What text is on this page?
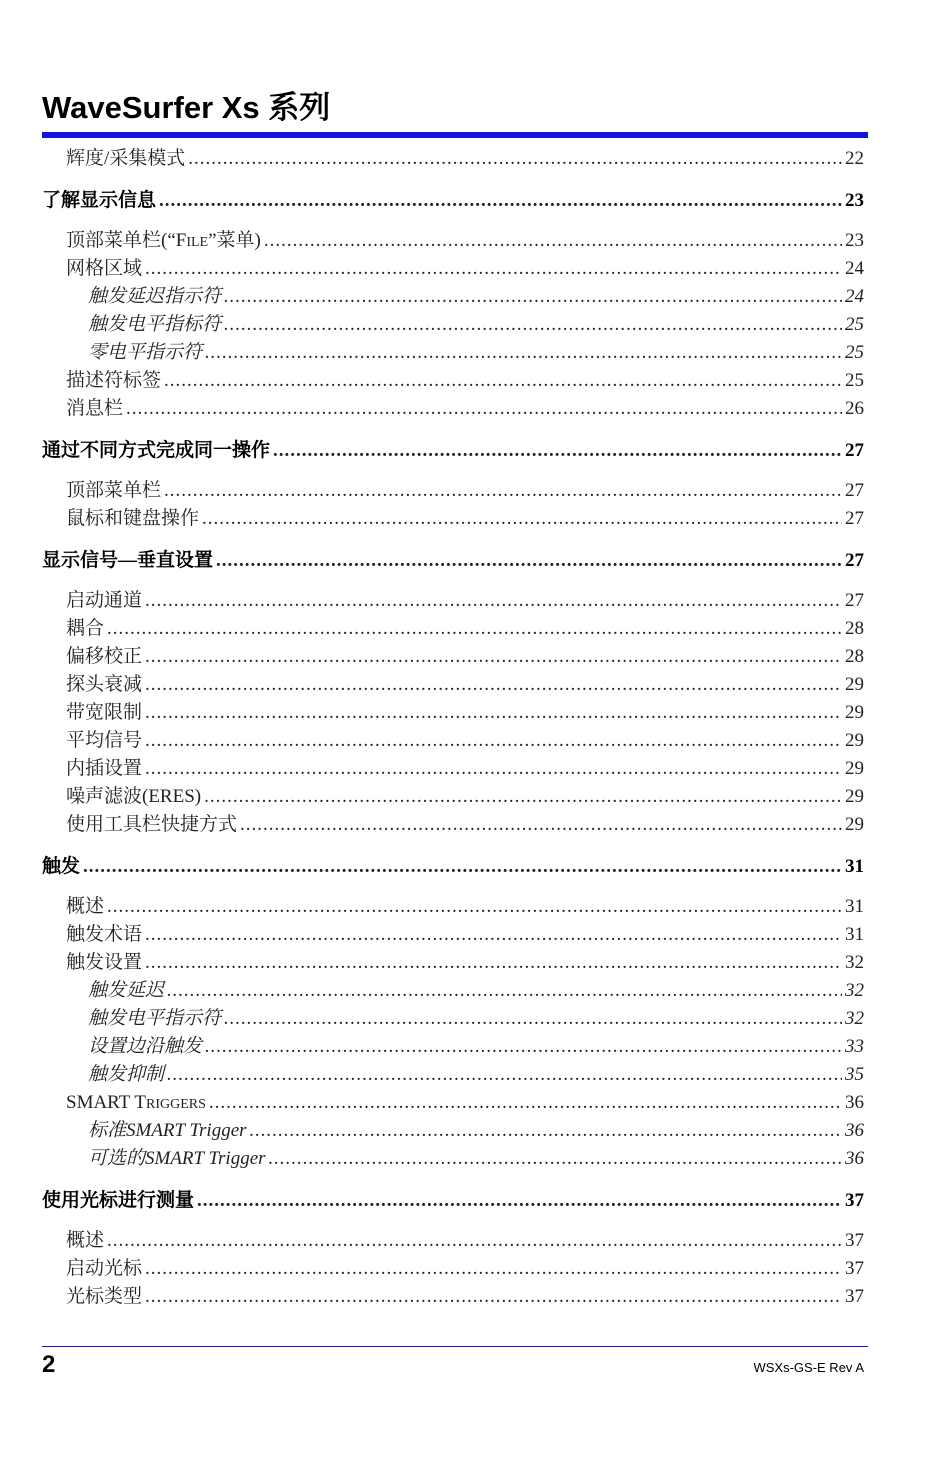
WaveSurfer Xs 系列
辉度/采集模式 .....	22
了解显示信息 .....	23
顶部菜单栏(“FILE”菜单) .....	23
网格区域 .....	24
触发延迟指示符 .....	24
触发电平指标符 .....	25
零电平指示符 .....	25
描述符标签 .....	25
消息栏 .....	26
通过不同方式完成同一操作 .....	27
顶部菜单栏 .....	27
鼠标和键盘操作 .....	27
显示信号—垂直设置 .....	27
启动通道 .....	27
耦合 .....	28
偏移校正 .....	28
探头衰减 .....	29
带宽限制 .....	29
平均信号 .....	29
内插设置 .....	29
噪声滤波(ERES) .....	29
使用工具栏快捷方式 .....	29
触发 .....	31
概述 .....	31
触发术语 .....	31
触发设置 .....	32
触发延迟 .....	32
触发电平指示符 .....	32
设置边沿触发 .....	33
触发抑制 .....	35
SMART TRIGGERS .....	36
标准SMART Trigger .....	36
可选的SMART Trigger .....	36
使用光标进行测量 .....	37
概述 .....	37
启动光标 .....	37
光标类型 .....	37
2	WSXs-GS-E Rev A
